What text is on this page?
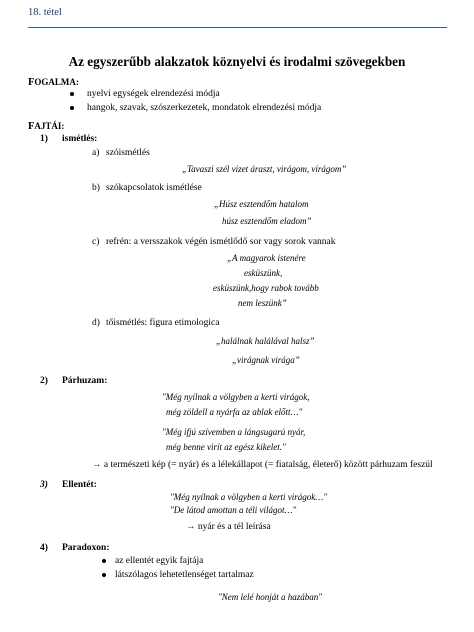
18. tétel
Az egyszerűbb alakzatok köznyelvi és irodalmi szövegekben
FOGALMA:
nyelvi egységek elrendezési módja
hangok, szavak, szószerkezetek, mondatok elrendezési módja
FAJTÁI:
1) ismétlés:
a) szóismétlés
„Tavaszi szél vizet áraszt, virágom, virágom”
b) szókapcsolatok ismétlése
„Húsz esztendőm hatalom
húsz esztendőm eladom”
c) refrén: a versszakok végén ismétlődő sor vagy sorok vannak
„A magyarok istenére
esküszünk,
esküszünk,hogy rabok tovább
nem leszünk”
d) tőismétlés: figura etimologica
„halálnak halálával halsz”
„virágnak virága”
2) Párhuzam:
"Még nyílnak a völgyben a kerti virágok,
még zöldell a nyárfa az ablak előtt…"
"Még ifjú szívemben a lángsugarú nyár,
még benne virít az egész kikelet."
→ a természeti kép (= nyár) és a lélekállapot (= fiatalság, életerő) között párhuzam feszül
3) Ellentét:
"Még nyílnak a völgyben a kerti virágok…"
"De látod amottan a téli világot…"
→ nyár és a tél leírása
4) Paradoxon:
az ellentét egyik fajtája
látszólagos lehetetlenséget tartalmaz
"Nem lelé honját a hazában"
